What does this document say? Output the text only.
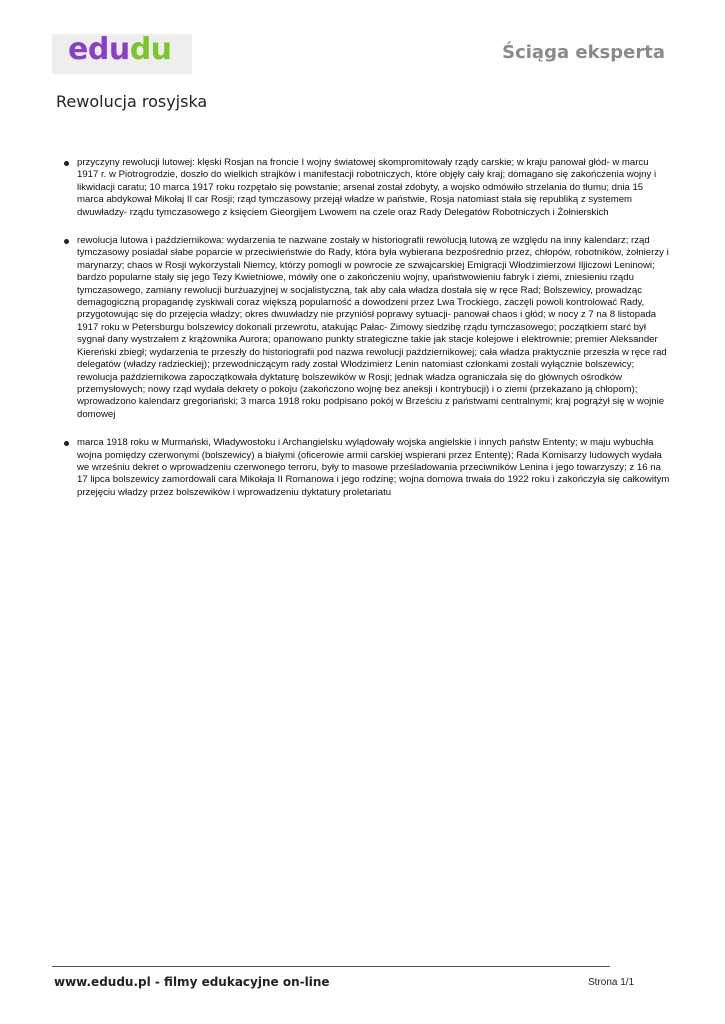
edudu	Ściąga eksperta
Rewolucja rosyjska
przyczyny rewolucji lutowej: klęski Rosjan na froncie I wojny światowej skompromitowały rządy carskie; w kraju panował głód- w marcu 1917 r. w Piotrogrodzie, doszło do wielkich strajków i manifestacji robotniczych, które objęły cały kraj; domagano się zakończenia wojny i likwidacji caratu; 10 marca 1917 roku rozpętało się powstanie; arsenał został zdobyty, a wojsko odmówiło strzelania do tłumu; dnia 15 marca abdykował Mikołaj II car Rosji; rząd tymczasowy przejął władze w państwie, Rosja natomiast stała się republiką z systemem dwuwładzy- rządu tymczasowego z księciem Gieorgijem Lwowem na czele oraz Rady Delegatów Robotniczych i Żołnierskich
rewolucja lutowa i październikowa: wydarzenia te nazwane zostały w historiografii rewolucją lutową ze względu na inny kalendarz; rząd tymczasowy posiadał słabe poparcie w przeciwieństwie do Rady, która była wybierana bezpośrednio przez, chłopów, robotników, żołnierzy i marynarzy; chaos w Rosji wykorzystali Niemcy, którzy pomogli w powrocie ze szwajcarskiej Emigracji Włodzimierzowi Iljiczowi Leninowi; bardzo popularne stały się jego Tezy Kwietniowe, mówiły one o zakończeniu wojny, upaństwowieniu fabryk i ziemi, zniesieniu rządu tymczasowego, zamiany rewolucji burżuazyjnej w socjalistyczną, tak aby cała władza dostała się w ręce Rad; Bolszewicy, prowadząc demagogiczną propagandę zyskiwali coraz większą popularność a dowodzeni przez Lwa Trockiego, zaczęli powoli kontrolować Rady, przygotowując się do przejęcia władzy; okres dwuwładzy nie przyniósł poprawy sytuacji- panował chaos i głód; w nocy z 7 na 8 listopada 1917 roku w Petersburgu bolszewicy dokonali przewrotu, atakując Pałac- Zimowy siedzibę rządu tymczasowego; początkiem starć był sygnał dany wystrzałem z krążownika Aurora; opanowano punkty strategiczne takie jak stacje kolejowe i elektrownie; premier Aleksander Kiereński zbiegł; wydarzenia te przeszły do historiografii pod nazwa rewolucji październikowej; cała władza praktycznie przeszła w ręce rad delegatów (władzy radzieckiej); przewodniczącym rady został Włodzimierz Lenin natomiast członkami zostali wyłącznie bolszewicy; rewolucja październikowa zapoczątkowała dyktaturę bolszewików w Rosji; jednak władza ograniczała się do głównych ośrodków przemysłowych; nowy rząd wydała dekrety o pokoju (zakończono wojnę bez aneksji i kontrybucji) i o ziemi (przekazano ją chłopom); wprowadzono kalendarz gregoriański; 3 marca 1918 roku podpisano pokój w Brześciu z państwami centralnymi; kraj pogrążył się w wojnie domowej
marca 1918 roku w Murmański, Władywostoku i Archangielsku wylądowały wojska angielskie i innych państw Ententy; w maju wybuchła wojna pomiędzy czerwonymi (bolszewicy) a białymi (oficerowie armii carskiej wspierani przez Ententę); Rada Komisarzy ludowych wydała we wrześniu dekret o wprowadzeniu czerwonego terroru, były to masowe prześladowania przeciwników Lenina i jego towarzyszy; z 16 na 17 lipca bolszewicy zamordowali cara Mikołaja II Romanowa i jego rodzinę; wojna domowa trwała do 1922 roku i zakończyła się całkowitym przejęciu władzy przez bolszewików i wprowadzeniu dyktatury proletariatu
www.edudu.pl - filmy edukacyjne on-line	Strona 1/1
